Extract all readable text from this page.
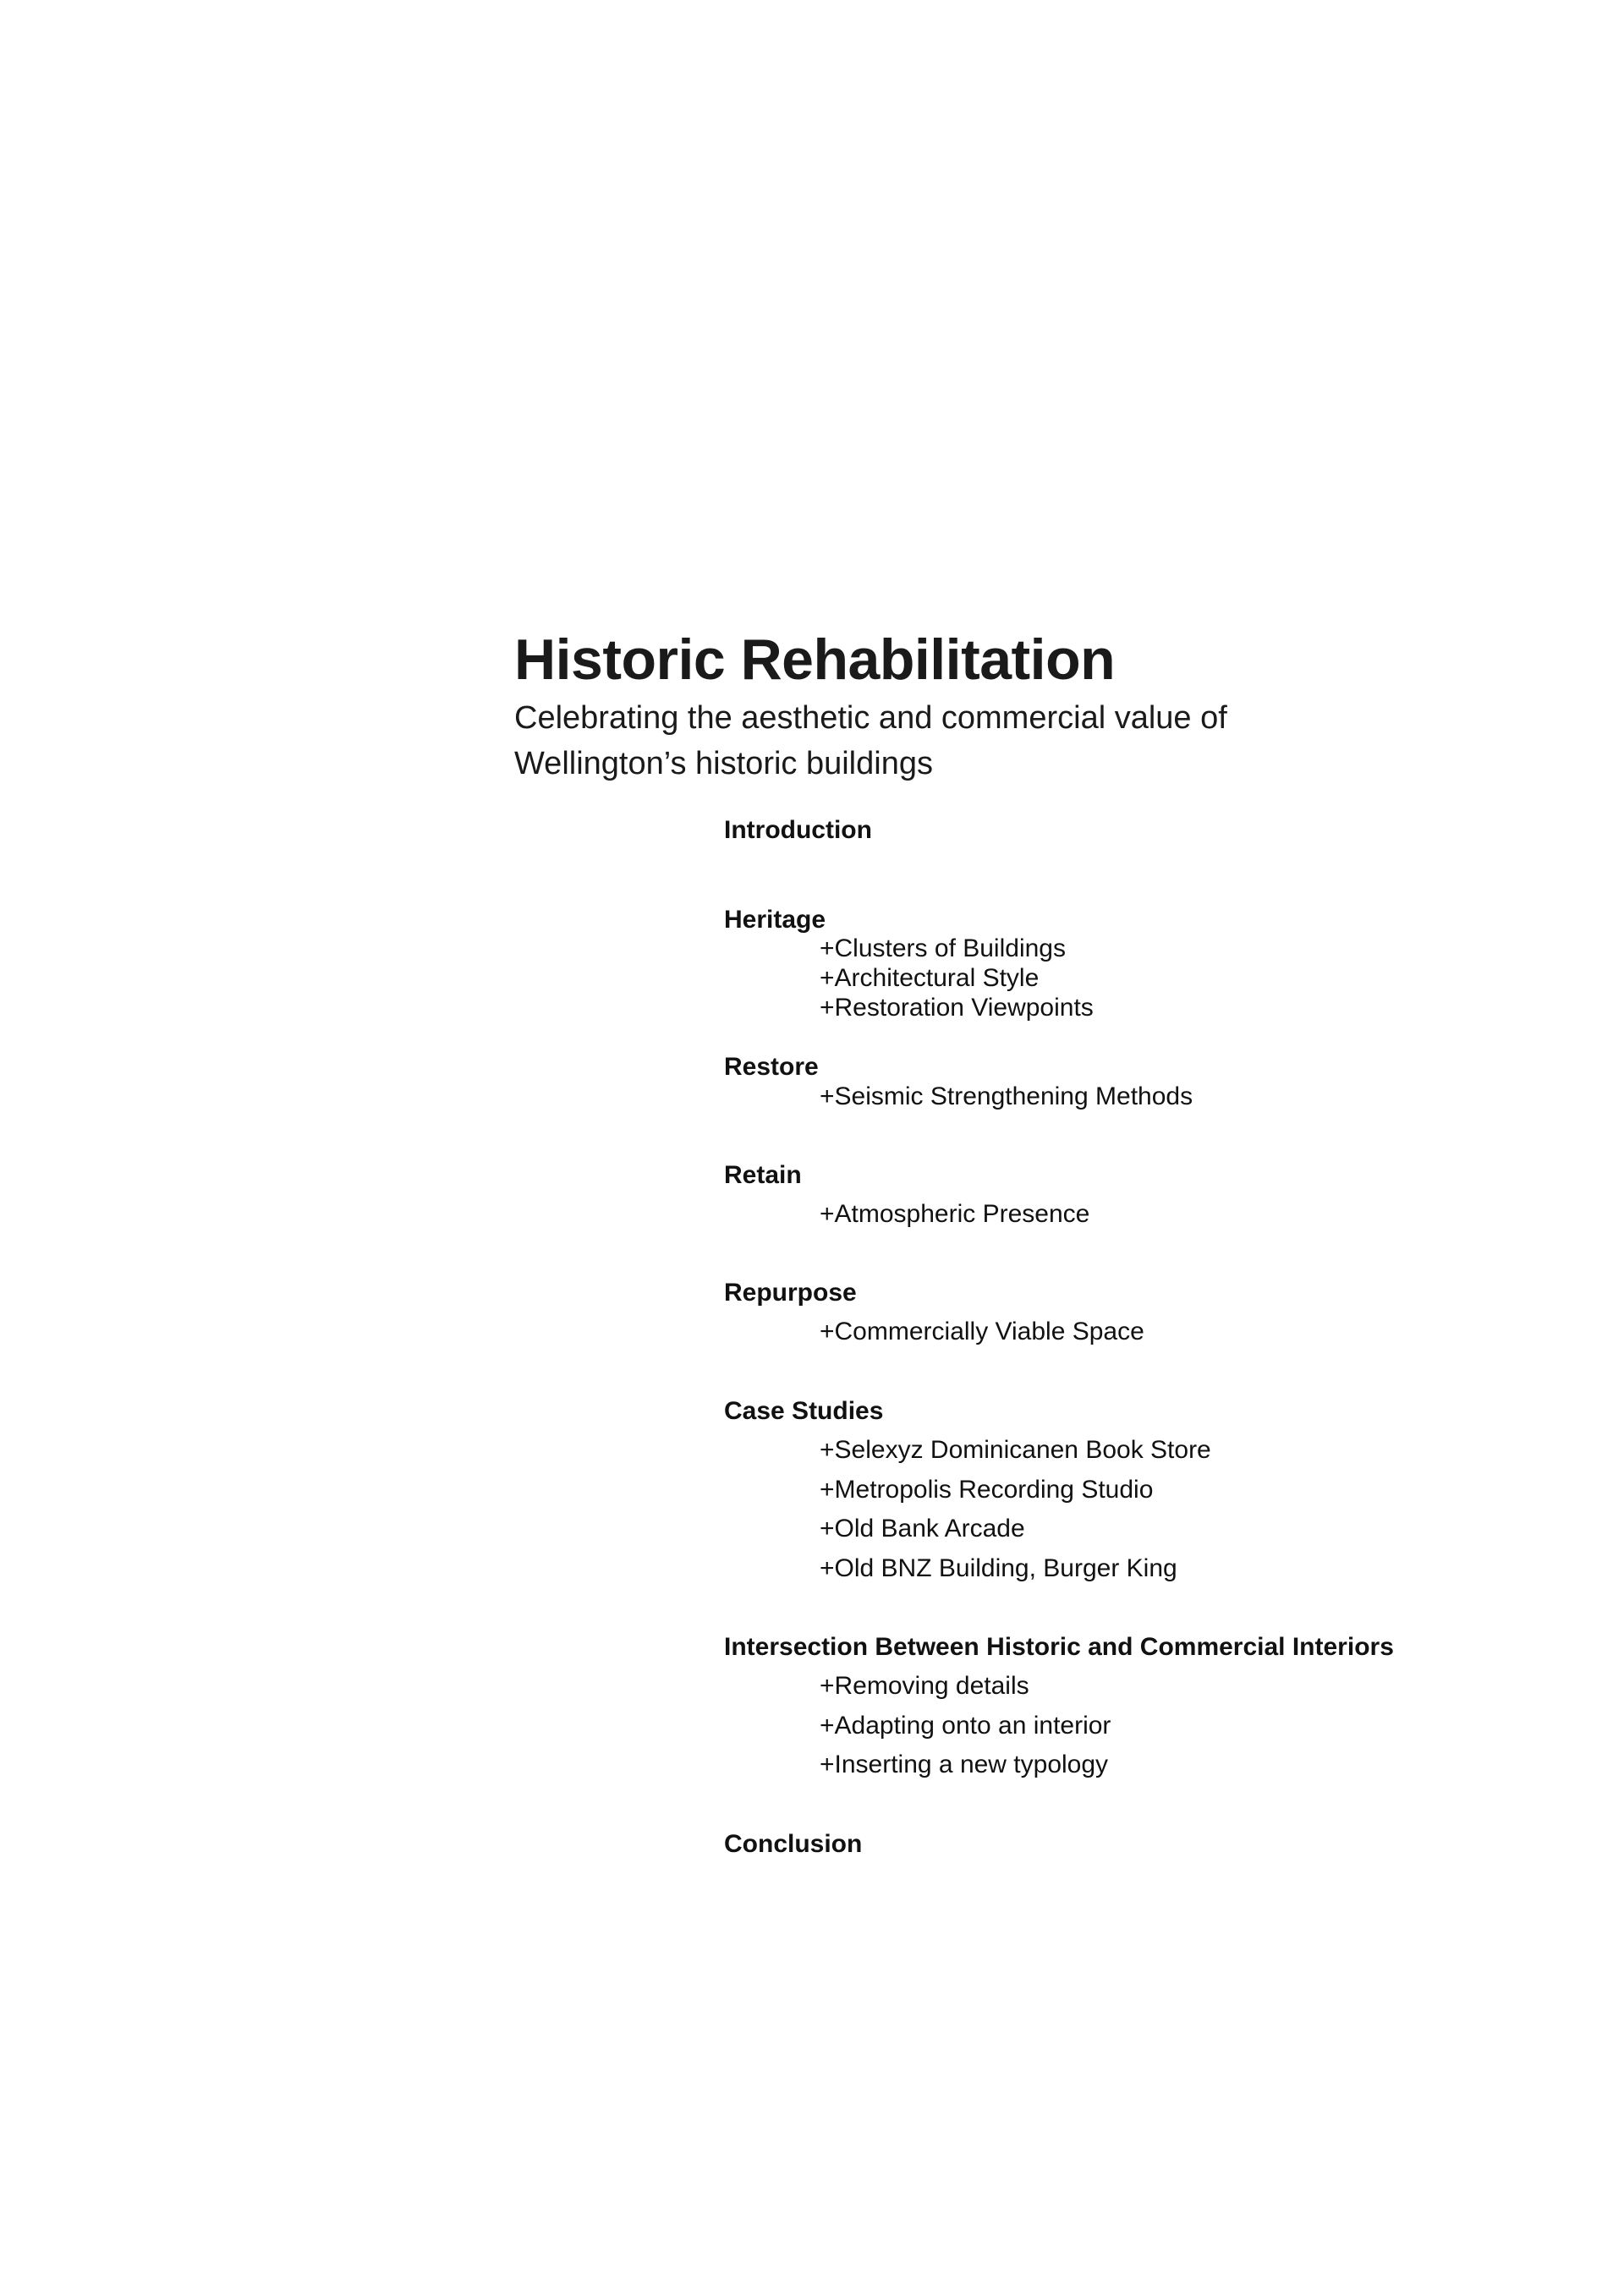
Historic Rehabilitation

Celebrating the aesthetic and commercial value of Wellington’s historic buildings

Introduction
Heritage
+Clusters of Buildings
+Architectural Style
+Restoration Viewpoints
Restore
+Seismic Strengthening Methods
Retain
+Atmospheric Presence
Repurpose
+Commercially Viable Space
Case Studies
+Selexyz Dominicanen Book Store
+Metropolis Recording Studio
+Old Bank Arcade
+Old BNZ Building, Burger King
Intersection Between Historic and Commercial Interiors
+Removing details
+Adapting onto an interior
+Inserting a new typology
Conclusion
